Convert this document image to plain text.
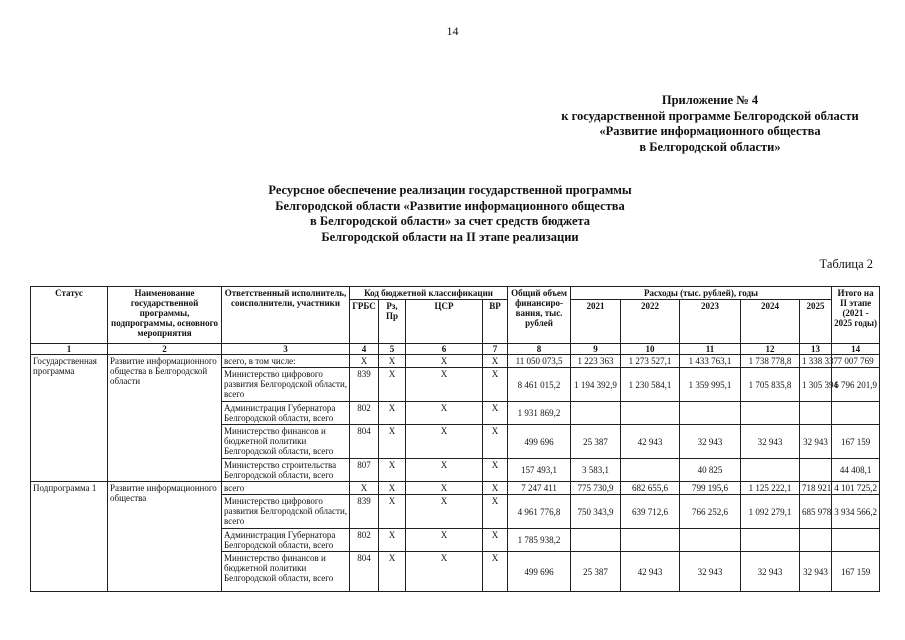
14
Приложение № 4
к государственной программе Белгородской области
«Развитие информационного общества
в Белгородской области»
Ресурсное обеспечение реализации государственной программы
Белгородской области «Развитие информационного общества
в Белгородской области» за счет средств бюджета
Белгородской области на II этапе реализации
Таблица 2
Статус	Наименование государственной программы, подпрограммы, основного мероприятия	Ответственный исполнитель, соисполнители, участники	Код бюджетной классификации				Общий объем финансиро-вания, тыс. рублей	Расходы (тыс. рублей), годы					Итого на II этапе (2021 - 2025 годы)
			ГРБС	Рз, Пр	ЦСР	ВР		2021	2022	2023	2024	2025	
1	2	3	4	5	6	7	8	9	10	11	12	13	14
Государственная программа	Развитие информационного общества в Белгородской области	всего, в том числе:	X	X	X	X	11 050 073,5	1 223 363	1 273 527,1	1 433 763,1	1 738 778,8	1 338 337	7 007 769
		Министерство цифрового развития Белгородской области, всего	839	X	X	X	8 461 015,2	1 194 392,9	1 230 584,1	1 359 995,1	1 705 835,8	1 305 394	6 796 201,9
		Администрация Губернатора Белгородской области, всего	802	X	X	X	1 931 869,2						
		Министерство финансов и бюджетной политики Белгородской области, всего	804	X	X	X	499 696	25 387	42 943	32 943	32 943	32 943	167 159
		Министерство строительства Белгородской области, всего	807	X	X	X	157 493,1	3 583,1		40 825			44 408,1
Подпрограмма 1	Развитие информационного общества	всего	X	X	X	X	7 247 411	775 730,9	682 655,6	799 195,6	1 125 222,1	718 921	4 101 725,2
		Министерство цифрового развития Белгородской области, всего	839	X	X	X	4 961 776,8	750 343,9	639 712,6	766 252,6	1 092 279,1	685 978	3 934 566,2
		Администрация Губернатора Белгородской области, всего	802	X	X	X	1 785 938,2						
		Министерство финансов и бюджетной политики Белгородской области, всего	804	X	X	X	499 696	25 387	42 943	32 943	32 943	32 943	167 159
